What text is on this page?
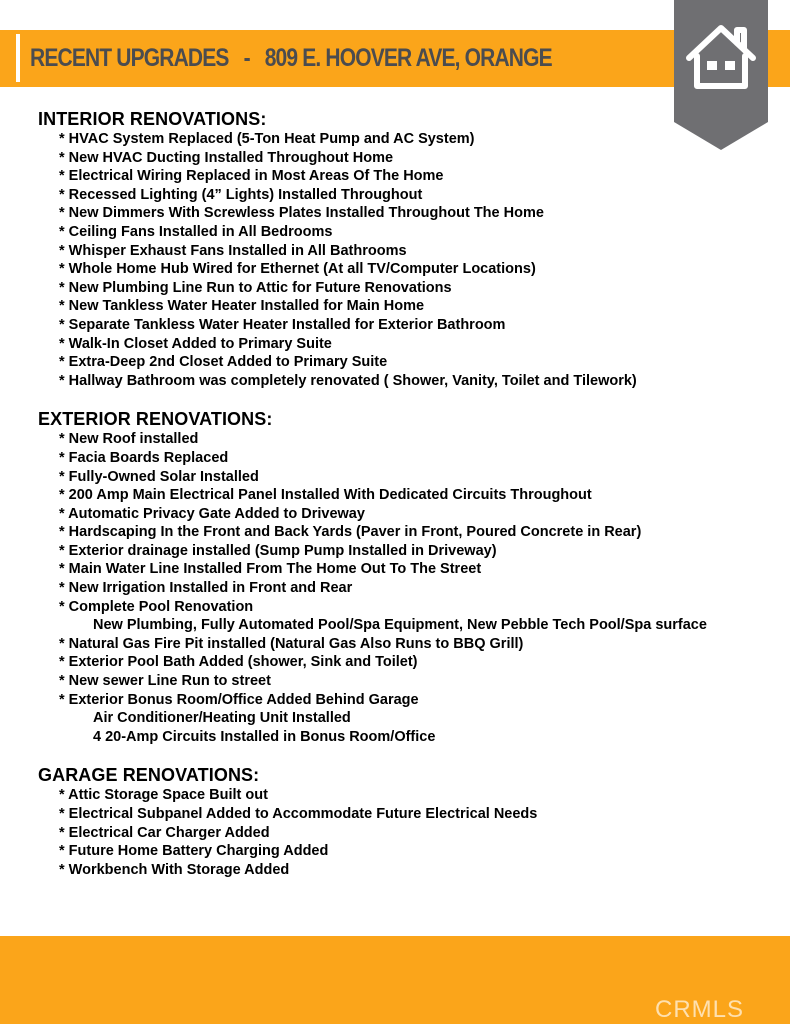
RECENT UPGRADES   -   809 E. HOOVER AVE, ORANGE
INTERIOR RENOVATIONS:
* HVAC System Replaced (5-Ton Heat Pump and AC System)
* New HVAC Ducting Installed Throughout Home
* Electrical Wiring Replaced in Most Areas Of The Home
* Recessed Lighting (4” Lights) Installed Throughout
* New Dimmers With Screwless Plates Installed Throughout The Home
* Ceiling Fans Installed in All Bedrooms
* Whisper Exhaust Fans Installed in All Bathrooms
* Whole Home Hub Wired for Ethernet (At all TV/Computer Locations)
* New Plumbing Line Run to Attic for Future Renovations
* New Tankless Water Heater Installed for Main Home
* Separate Tankless Water Heater Installed for Exterior Bathroom
* Walk-In Closet Added to Primary Suite
* Extra-Deep 2nd Closet Added to Primary Suite
* Hallway Bathroom was completely renovated ( Shower, Vanity, Toilet and Tilework)
EXTERIOR RENOVATIONS:
* New Roof installed
* Facia Boards Replaced
* Fully-Owned Solar Installed
* 200 Amp Main Electrical Panel Installed With Dedicated Circuits Throughout
* Automatic Privacy Gate Added to Driveway
* Hardscaping In the Front and Back Yards (Paver in Front, Poured Concrete in Rear)
* Exterior drainage installed (Sump Pump Installed in Driveway)
* Main Water Line Installed From The Home Out To The Street
* New Irrigation Installed in Front and Rear
* Complete Pool Renovation
New Plumbing, Fully Automated Pool/Spa Equipment, New Pebble Tech Pool/Spa surface
* Natural Gas Fire Pit installed (Natural Gas Also Runs to BBQ Grill)
* Exterior Pool Bath Added (shower, Sink and Toilet)
* New sewer Line Run to street
* Exterior Bonus Room/Office Added Behind Garage
Air Conditioner/Heating Unit Installed
4 20-Amp Circuits Installed in Bonus Room/Office
GARAGE RENOVATIONS:
* Attic Storage Space Built out
* Electrical Subpanel Added to Accommodate Future Electrical Needs
* Electrical Car Charger Added
* Future Home Battery Charging Added
* Workbench With Storage Added

CRMLS
